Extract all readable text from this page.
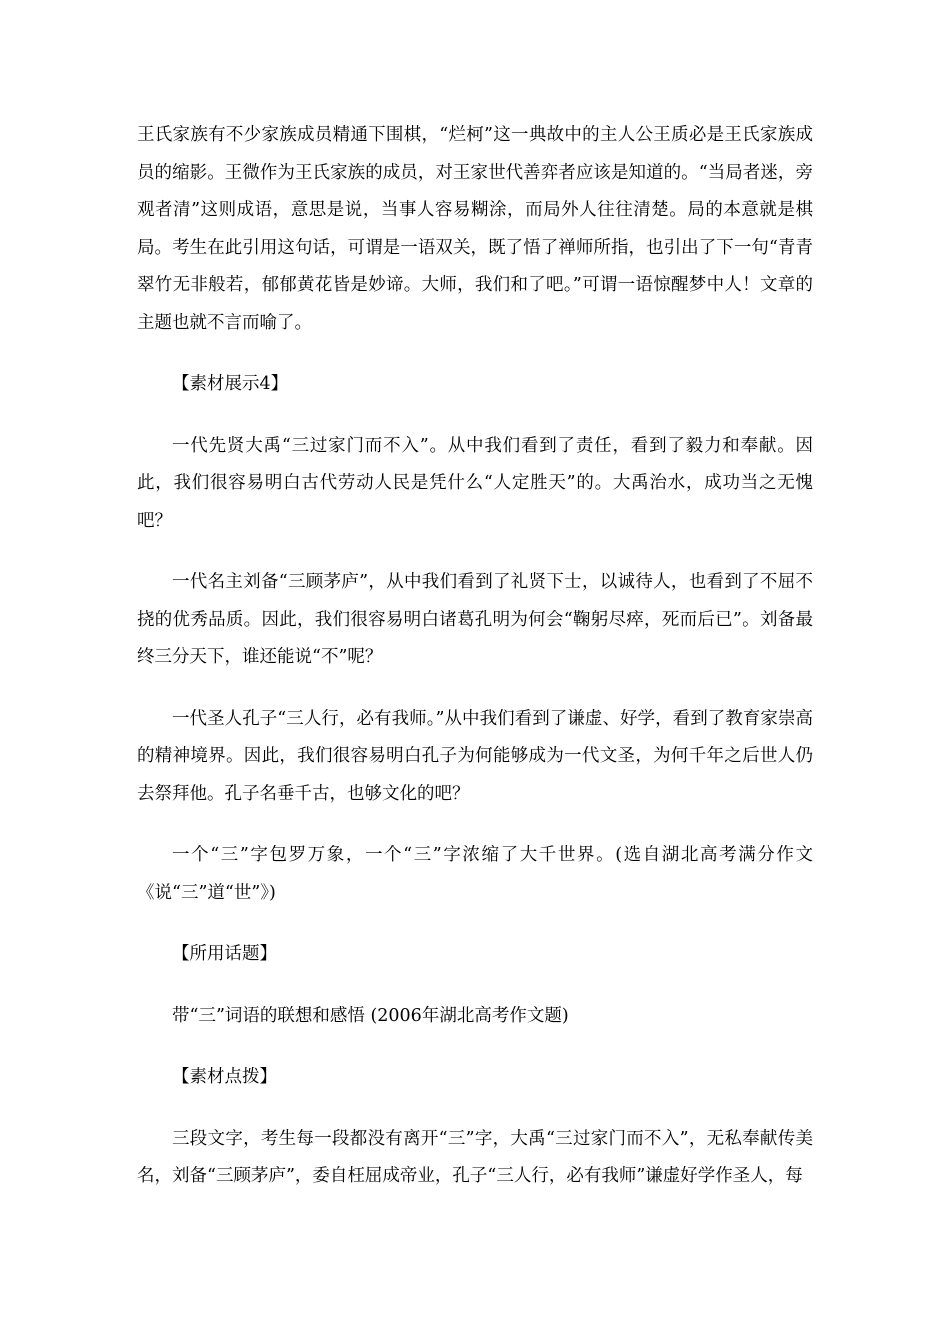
王氏家族有不少家族成员精通下围棋，“烂柯”这一典故中的主人公王质必是王氏家族成员的缩影。王微作为王氏家族的成员，对王家世代善弈者应该是知道的。“当局者迷，旁观者清”这则成语，意思是说，当事人容易糊涂，而局外人往往清楚。局的本意就是棋局。考生在此引用这句话，可谓是一语双关，既了悟了禅师所指，也引出了下一句“青青翠竹无非般若，郁郁黄花皆是妙谛。大师，我们和了吧。”可谓一语惊醒梦中人！文章的主题也就不言而喻了。

【素材展示4】

一代先贤大禹“三过家门而不入”。从中我们看到了责任，看到了毅力和奉献。因此，我们很容易明白古代劳动人民是凭什么“人定胜天”的。大禹治水，成功当之无愧吧？

一代名主刘备“三顾茅庐”，从中我们看到了礼贤下士，以诚待人，也看到了不屈不挠的优秀品质。因此，我们很容易明白诸葛孔明为何会“鞠躬尽瘁，死而后已”。刘备最终三分天下，谁还能说“不”呢？

一代圣人孔子“三人行，必有我师。”从中我们看到了谦虚、好学，看到了教育家崇高的精神境界。因此，我们很容易明白孔子为何能够成为一代文圣，为何千年之后世人仍去祭拜他。孔子名垂千古，也够文化的吧？

一个“三”字包罗万象，一个“三”字浓缩了大千世界。(选自湖北高考满分作文《说“三”道“世”》)

【所用话题】

带“三”词语的联想和感悟 (2006年湖北高考作文题)

【素材点拨】

三段文字，考生每一段都没有离开“三”字，大禹“三过家门而不入”，无私奉献传美名，刘备“三顾茅庐”，委自枉屈成帝业，孔子“三人行，必有我师”谦虚好学作圣人，每
